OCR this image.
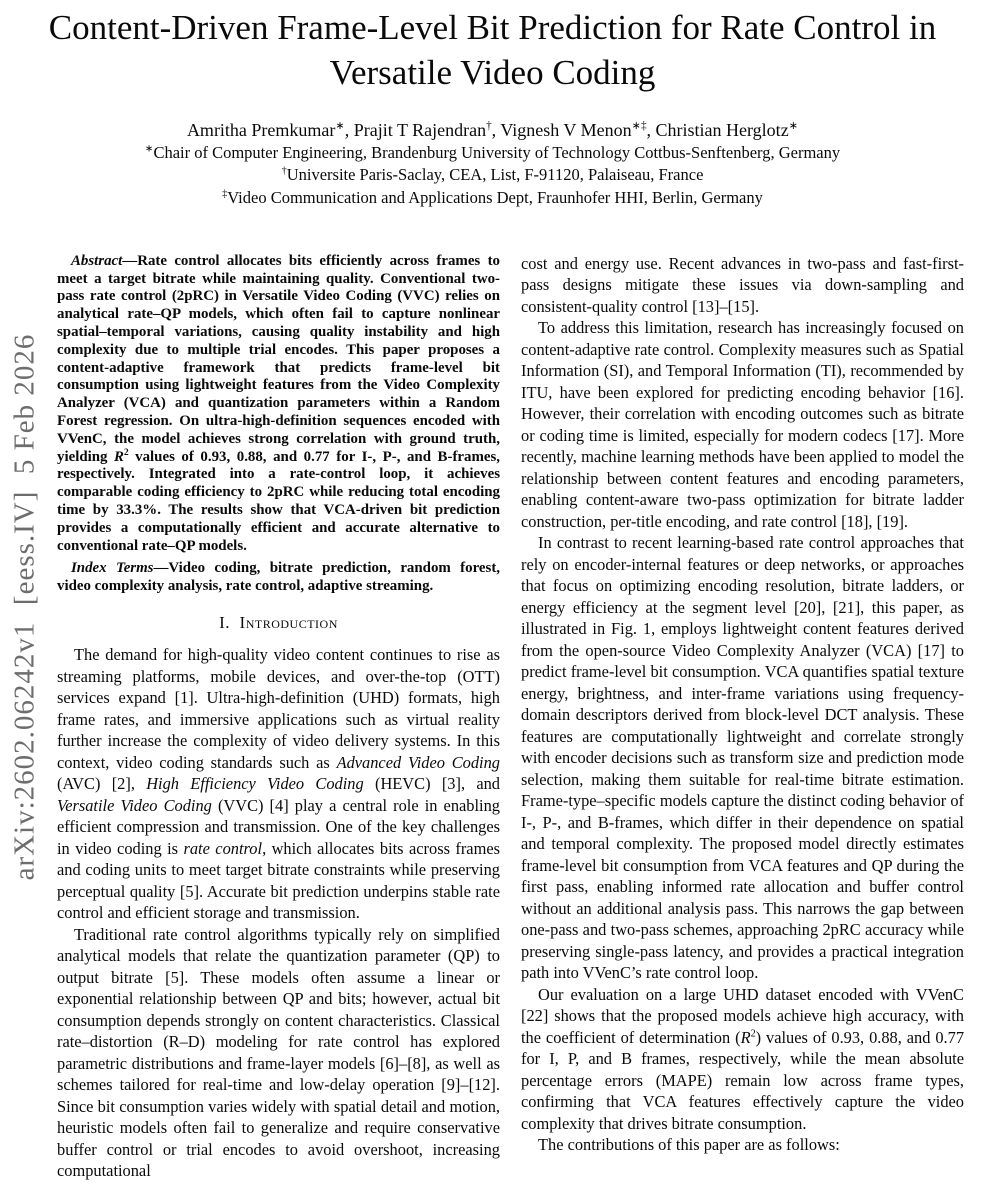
arXiv:2602.06242v1  [eess.IV]  5 Feb 2026
Content-Driven Frame-Level Bit Prediction for Rate Control in Versatile Video Coding
Amritha Premkumar∗, Prajit T Rajendran†, Vignesh V Menon∗‡, Christian Herglotz∗
∗Chair of Computer Engineering, Brandenburg University of Technology Cottbus-Senftenberg, Germany
†Universite Paris-Saclay, CEA, List, F-91120, Palaiseau, France
‡Video Communication and Applications Dept, Fraunhofer HHI, Berlin, Germany

Abstract—Rate control allocates bits efficiently across frames to meet a target bitrate while maintaining quality. Conventional two-pass rate control (2pRC) in Versatile Video Coding (VVC) relies on analytical rate–QP models, which often fail to capture nonlinear spatial–temporal variations, causing quality instability and high complexity due to multiple trial encodes. This paper proposes a content-adaptive framework that predicts frame-level bit consumption using lightweight features from the Video Complexity Analyzer (VCA) and quantization parameters within a Random Forest regression. On ultra-high-definition sequences encoded with VVenC, the model achieves strong correlation with ground truth, yielding $R^2$ values of 0.93, 0.88, and 0.77 for I-, P-, and B-frames, respectively. Integrated into a rate-control loop, it achieves comparable coding efficiency to 2pRC while reducing total encoding time by 33.3%. The results show that VCA-driven bit prediction provides a computationally efficient and accurate alternative to conventional rate–QP models.

Index Terms—Video coding, bitrate prediction, random forest, video complexity analysis, rate control, adaptive streaming.

I.  Introduction

The demand for high-quality video content continues to rise as streaming platforms, mobile devices, and over-the-top (OTT) services expand [1]. Ultra-high-definition (UHD) formats, high frame rates, and immersive applications such as virtual reality further increase the complexity of video delivery systems. In this context, video coding standards such as Advanced Video Coding (AVC) [2], High Efficiency Video Coding (HEVC) [3], and Versatile Video Coding (VVC) [4] play a central role in enabling efficient compression and transmission. One of the key challenges in video coding is rate control, which allocates bits across frames and coding units to meet target bitrate constraints while preserving perceptual quality [5]. Accurate bit prediction underpins stable rate control and efficient storage and transmission.

Traditional rate control algorithms typically rely on simplified analytical models that relate the quantization parameter (QP) to output bitrate [5]. These models often assume a linear or exponential relationship between QP and bits; however, actual bit consumption depends strongly on content characteristics. Classical rate–distortion (R–D) modeling for rate control has explored parametric distributions and frame-layer models [6]–[8], as well as schemes tailored for real-time and low-delay operation [9]–[12]. Since bit consumption varies widely with spatial detail and motion, heuristic models often fail to generalize and require conservative buffer control or trial encodes to avoid overshoot, increasing computational

cost and energy use. Recent advances in two-pass and fast-first-pass designs mitigate these issues via down-sampling and consistent-quality control [13]–[15].

To address this limitation, research has increasingly focused on content-adaptive rate control. Complexity measures such as Spatial Information (SI), and Temporal Information (TI), recommended by ITU, have been explored for predicting encoding behavior [16]. However, their correlation with encoding outcomes such as bitrate or coding time is limited, especially for modern codecs [17]. More recently, machine learning methods have been applied to model the relationship between content features and encoding parameters, enabling content-aware two-pass optimization for bitrate ladder construction, per-title encoding, and rate control [18], [19].

In contrast to recent learning-based rate control approaches that rely on encoder-internal features or deep networks, or approaches that focus on optimizing encoding resolution, bitrate ladders, or energy efficiency at the segment level [20], [21], this paper, as illustrated in Fig. 1, employs lightweight content features derived from the open-source Video Complexity Analyzer (VCA) [17] to predict frame-level bit consumption. VCA quantifies spatial texture energy, brightness, and inter-frame variations using frequency-domain descriptors derived from block-level DCT analysis. These features are computationally lightweight and correlate strongly with encoder decisions such as transform size and prediction mode selection, making them suitable for real-time bitrate estimation. Frame-type–specific models capture the distinct coding behavior of I-, P-, and B-frames, which differ in their dependence on spatial and temporal complexity. The proposed model directly estimates frame-level bit consumption from VCA features and QP during the first pass, enabling informed rate allocation and buffer control without an additional analysis pass. This narrows the gap between one-pass and two-pass schemes, approaching 2pRC accuracy while preserving single-pass latency, and provides a practical integration path into VVenC’s rate control loop.

Our evaluation on a large UHD dataset encoded with VVenC [22] shows that the proposed models achieve high accuracy, with the coefficient of determination $(R^2)$ values of 0.93, 0.88, and 0.77 for I, P, and B frames, respectively, while the mean absolute percentage errors (MAPE) remain low across frame types, confirming that VCA features effectively capture the video complexity that drives bitrate consumption.

The contributions of this paper are as follows:
